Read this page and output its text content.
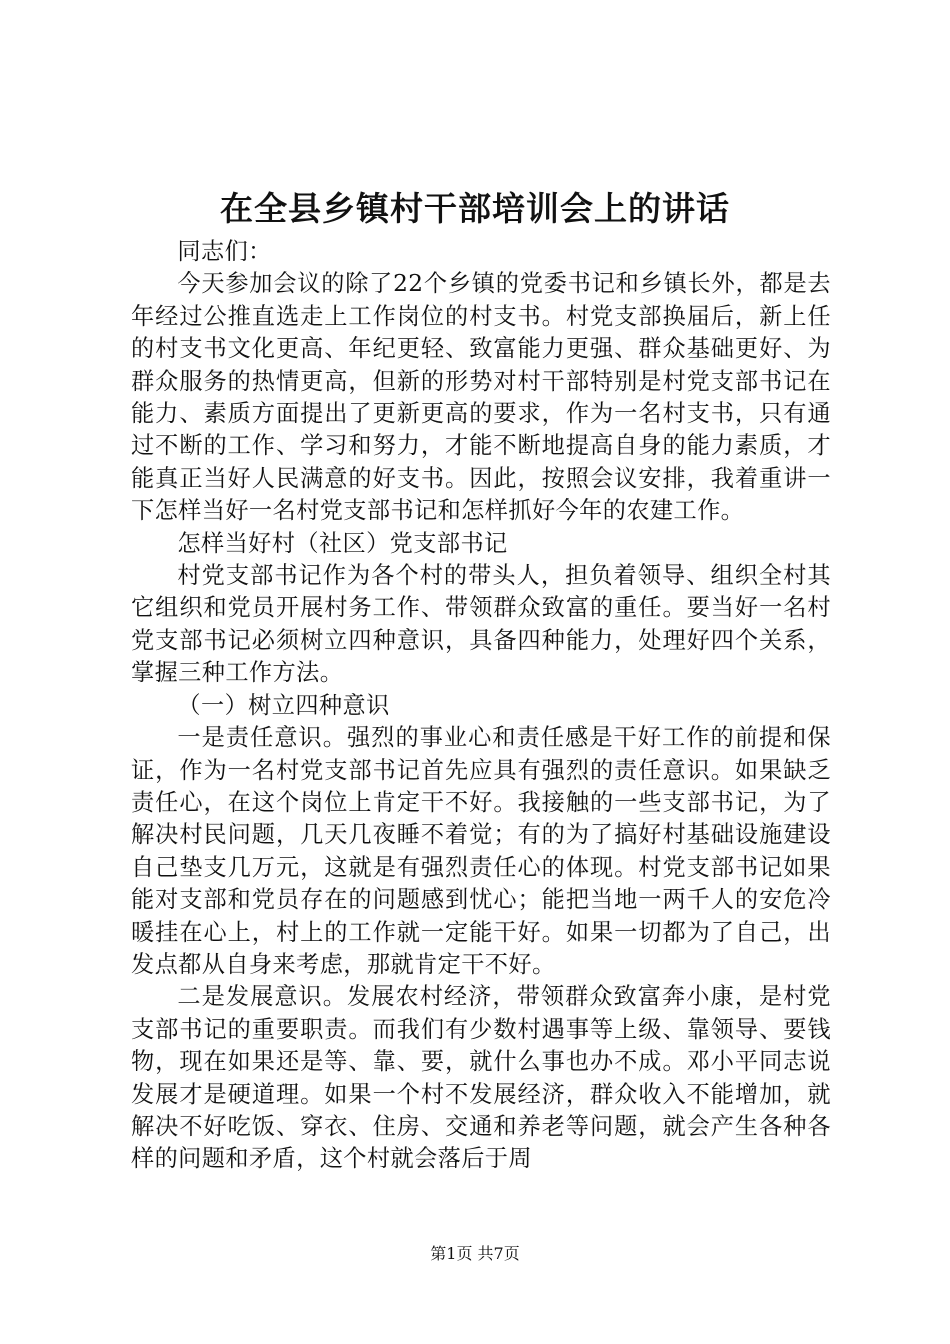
在全县乡镇村干部培训会上的讲话

同志们：

今天参加会议的除了22个乡镇的党委书记和乡镇长外，都是去年经过公推直选走上工作岗位的村支书。村党支部换届后，新上任的村支书文化更高、年纪更轻、致富能力更强、群众基础更好、为群众服务的热情更高，但新的形势对村干部特别是村党支部书记在能力、素质方面提出了更新更高的要求，作为一名村支书，只有通过不断的工作、学习和努力，才能不断地提高自身的能力素质，才能真正当好人民满意的好支书。因此，按照会议安排，我着重讲一下怎样当好一名村党支部书记和怎样抓好今年的农建工作。

怎样当好村（社区）党支部书记

村党支部书记作为各个村的带头人，担负着领导、组织全村其它组织和党员开展村务工作、带领群众致富的重任。要当好一名村党支部书记必须树立四种意识，具备四种能力，处理好四个关系，掌握三种工作方法。

（一）树立四种意识

一是责任意识。强烈的事业心和责任感是干好工作的前提和保证，作为一名村党支部书记首先应具有强烈的责任意识。如果缺乏责任心，在这个岗位上肯定干不好。我接触的一些支部书记，为了解决村民问题，几天几夜睡不着觉；有的为了搞好村基础设施建设自己垫支几万元，这就是有强烈责任心的体现。村党支部书记如果能对支部和党员存在的问题感到忧心；能把当地一两千人的安危冷暖挂在心上，村上的工作就一定能干好。如果一切都为了自己，出发点都从自身来考虑，那就肯定干不好。

二是发展意识。发展农村经济，带领群众致富奔小康，是村党支部书记的重要职责。而我们有少数村遇事等上级、靠领导、要钱物，现在如果还是等、靠、要，就什么事也办不成。邓小平同志说发展才是硬道理。如果一个村不发展经济，群众收入不能增加，就解决不好吃饭、穿衣、住房、交通和养老等问题，就会产生各种各样的问题和矛盾，这个村就会落后于周

第1页 共7页
